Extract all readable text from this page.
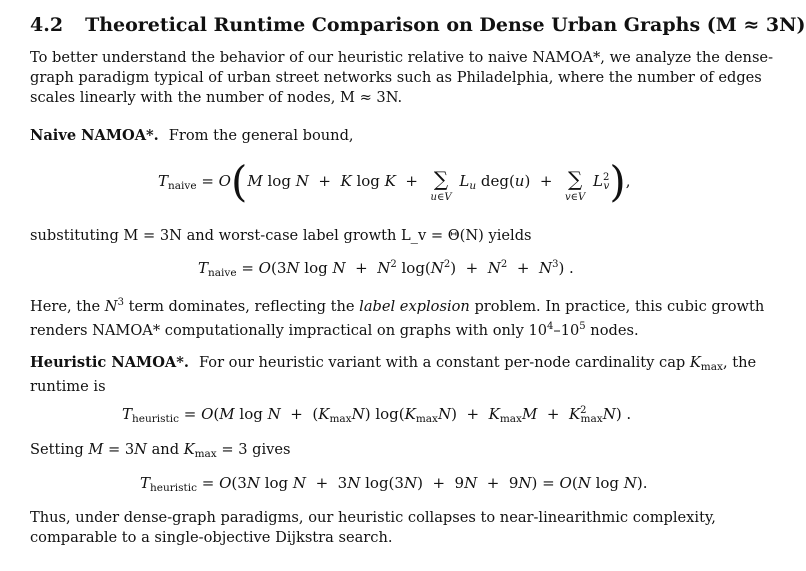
4.2 Theoretical Runtime Comparison on Dense Urban Graphs (M ≈ 3N)
To better understand the behavior of our heuristic relative to naive NAMOA*, we analyze the dense-graph paradigm typical of urban street networks such as Philadelphia, where the number of edges scales linearly with the number of nodes, M ≈ 3N.
Naive NAMOA*. From the general bound,
$T_{naive} = O(M$ log N  +  K log K  +  ∑
u∈V $L_u$ deg(u)  +  ∑
v∈V $L^2_v$),
substituting M = 3N and worst-case label growth L_v = Θ(N) yields
$T_{naive} = O(3N$ $\log N + N^2$ $\log(N^2) + N^2 + N^3$) .
Here, the $N^3$ term dominates, reflecting the label explosion problem. In practice, this cubic growth renders NAMOA* computationally impractical on graphs with only $10^4-10^5$ nodes.
Heuristic NAMOA*. For our heuristic variant with a constant per-node cardinality cap $K_{max}$, the runtime is
$T_{heuristic} = O(M$ $\log N + (K_{max}N) \log(K_{max}N) + K_{max}M + K^2_{max}N$) .
Setting M = 3N and $K_{max} = 3$ gives
$T_{heuristic} = O(3N$ log N  +  3N log(3N)  +  9N  +  9N) = O(N log N).
Thus, under dense-graph paradigms, our heuristic collapses to near-linearithmic complexity, comparable to a single-objective Dijkstra search.
